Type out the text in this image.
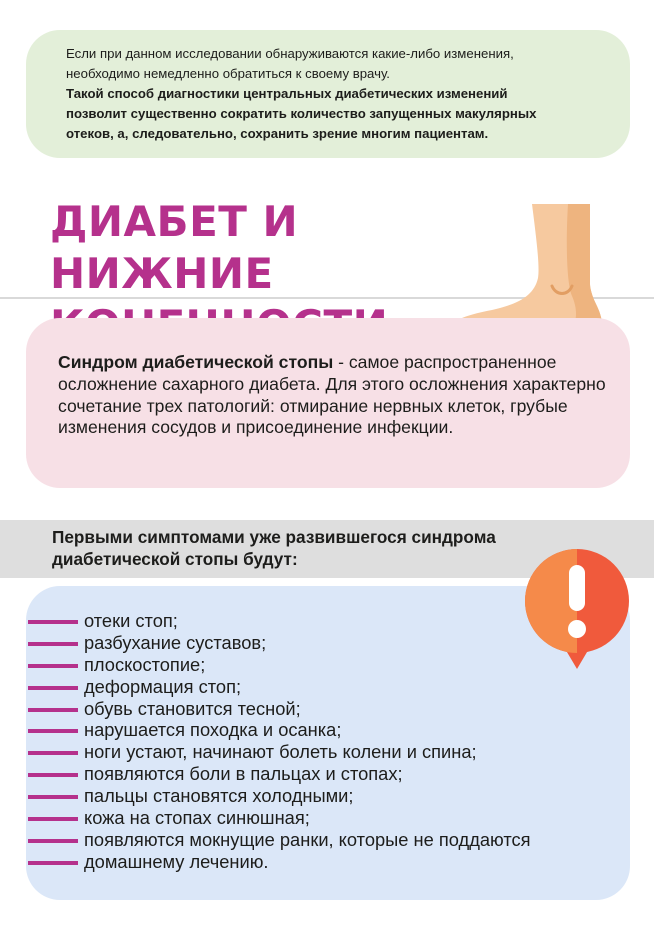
Если при данном исследовании обнаруживаются какие-либо изменения,

необходимо немедленно обратиться к своему врачу.

Такой способ диагностики центральных диабетических изменений

позволит существенно сократить количество запущенных макулярных

отеков, а, следовательно, сохранить зрение многим пациентам.

ДИАБЕТ И НИЖНИЕ

Синдром диабетической стопы - самое распространенное осложнение сахарного диабета. Для этого осложнения характерно сочетание трех патологий: отмирание нервных клеток, грубые изменения сосудов и присоединение инфекции.
Первыми симптомами уже развившегося синдрома диабетической стопы будут:
отеки стоп;
разбухание суставов;
плоскостопие;
деформация стоп;
обувь становится тесной;
нарушается походка и осанка;
ноги устают, начинают болеть колени и спина;
появляются боли в пальцах и стопах;
пальцы становятся холодными;
кожа на стопах синюшная;
появляются мокнущие ранки, которые не поддаются
домашнему лечению.
